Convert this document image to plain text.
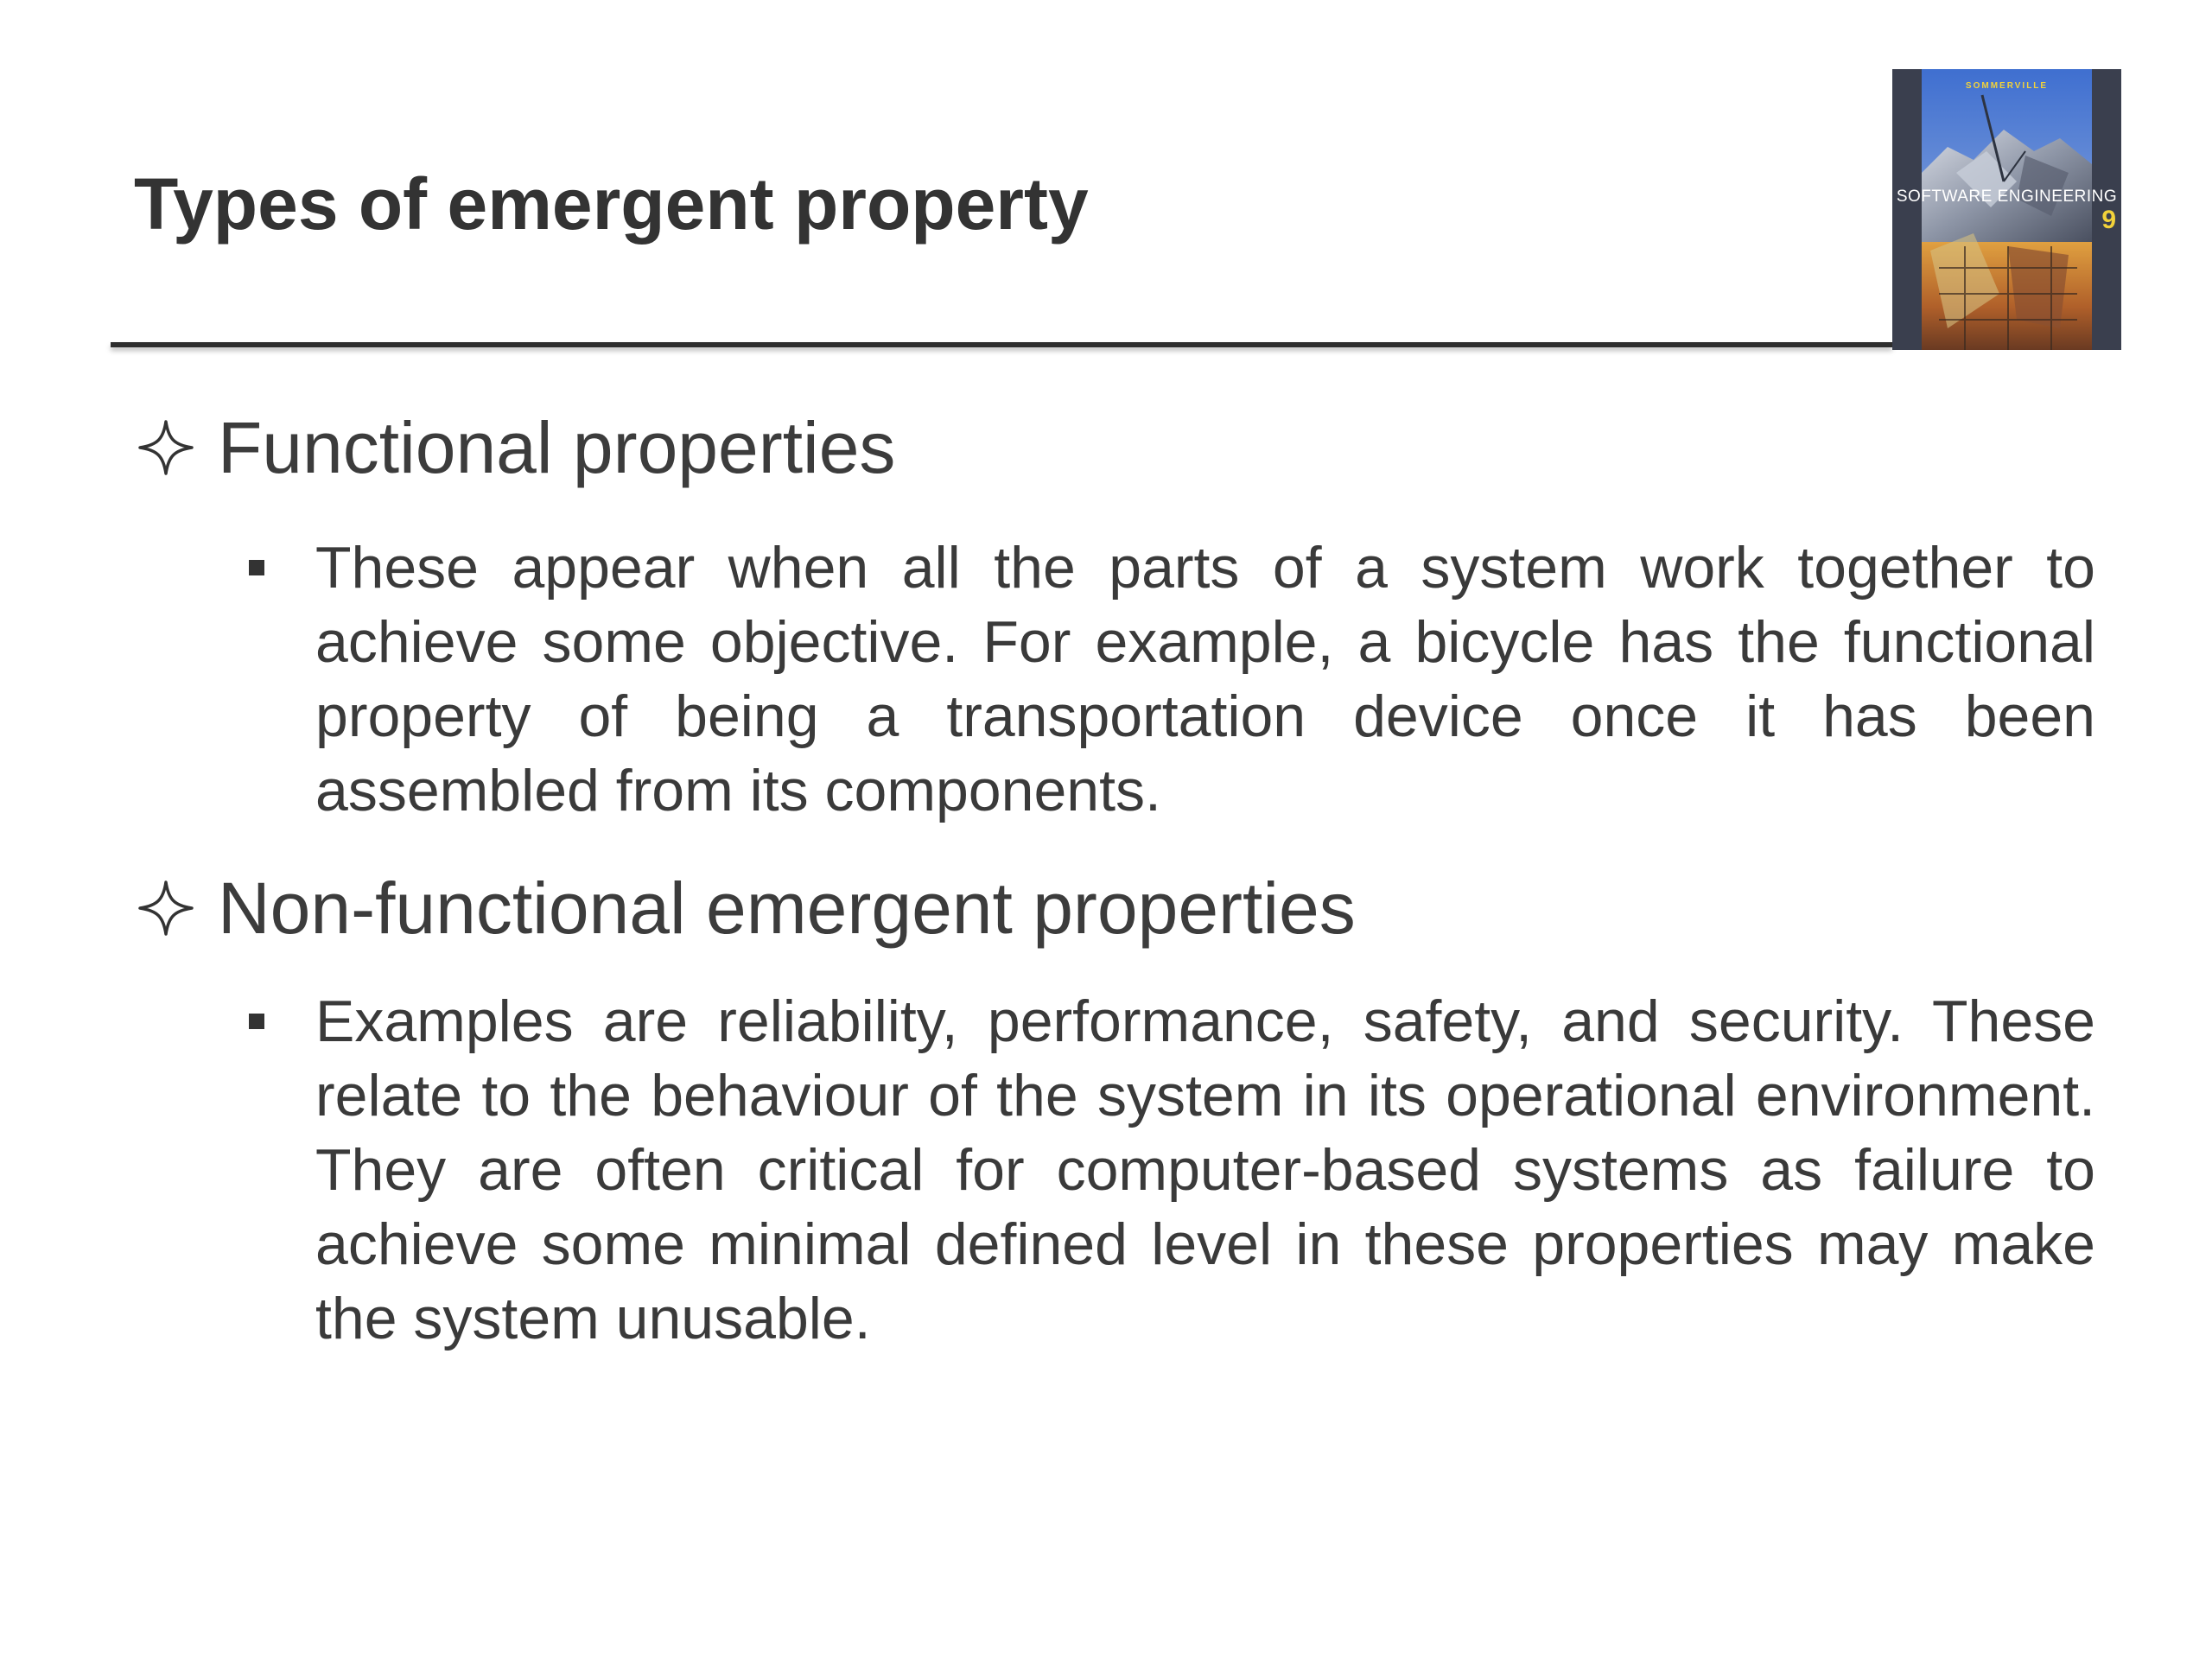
Types of emergent property
SOMMERVILLE
SOFTWARE ENGINEERING
9
Functional properties

These appear when all the parts of a system work together to achieve some objective. For example, a bicycle has the functional property of being a transportation device once it has been assembled from its components.

Non-functional emergent properties

Examples are reliability, performance, safety, and security. These relate to the behaviour of the system in its operational environment. They are often critical for computer-based systems as failure to achieve some minimal defined level in these properties may make the system unusable.
